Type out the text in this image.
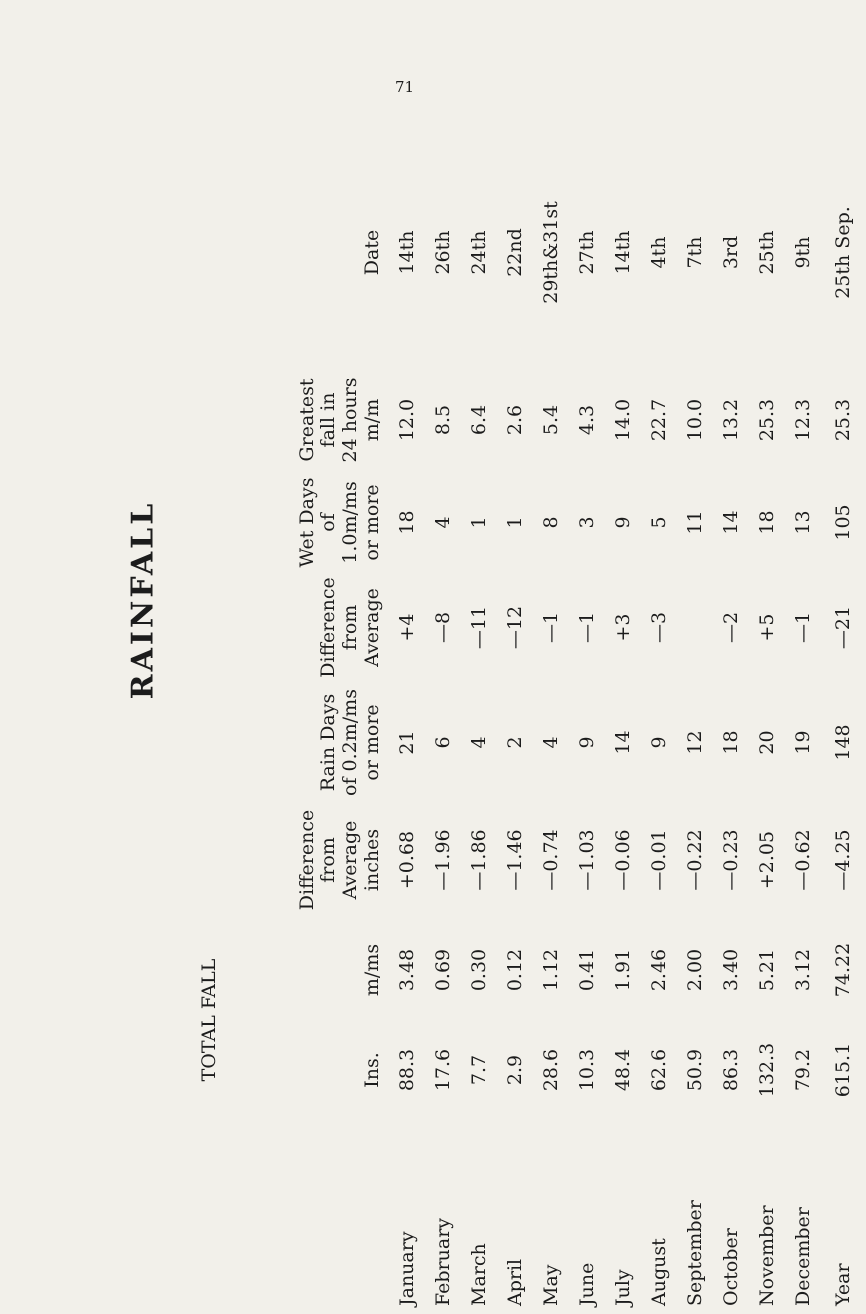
71
RAINFALL
	TOTAL FALL		Difference
from
Average
inches	Rain Days
of 0.2m/ms
or more	Difference
from
Average	Wet Days
of 1.0m/ms
or more	Greatest
fall in
24 hours
m/m	Date
	Ins.	m/ms						
January	88.3	3.48	+0.68	21	+4	18	12.0	14th
February	17.6	0.69	—1.96	6	—8	4	8.5	26th
March	7.7	0.30	—1.86	4	—11	1	6.4	24th
April	2.9	0.12	—1.46	2	—12	1	2.6	22nd
May	28.6	1.12	—0.74	4	—1	8	5.4	29th&31st
June	10.3	0.41	—1.03	9	—1	3	4.3	27th
July	48.4	1.91	—0.06	14	+3	9	14.0	14th
August	62.6	2.46	—0.01	9	—3	5	22.7	4th
September	50.9	2.00	—0.22	12		11	10.0	7th
October	86.3	3.40	—0.23	18	—2	14	13.2	3rd
November	132.3	5.21	+2.05	20	+5	18	25.3	25th
December	79.2	3.12	—0.62	19	—1	13	12.3	9th
Year	615.1	74.22	—4.25	148	—21	105	25.3	25th Sep.
